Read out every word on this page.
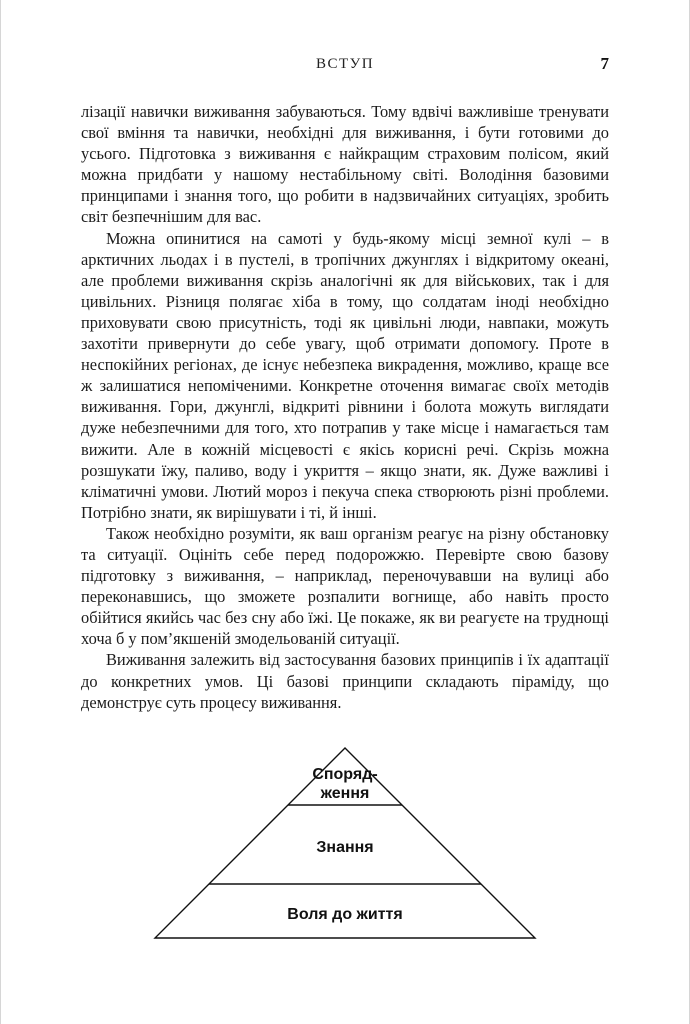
ВСТУП	7

лізації навички виживання забуваються. Тому вдвічі важливіше тренувати свої вміння та навички, необхідні для виживання, і бути готовими до усього. Підготовка з виживання є найкращим страховим полісом, який можна придбати у нашому нестабільному світі. Володіння базовими принципами і знання того, що робити в надзвичайних ситуаціях, зробить світ безпечнішим для вас.

Можна опинитися на самоті у будь-якому місці земної кулі – в арктичних льодах і в пустелі, в тропічних джунглях і відкритому океані, але проблеми виживання скрізь аналогічні як для військових, так і для цивільних. Різниця полягає хіба в тому, що солдатам іноді необхідно приховувати свою присутність, тоді як цивільні люди, навпаки, можуть захотіти привернути до себе увагу, щоб отримати допомогу. Проте в неспокійних регіонах, де існує небезпека викрадення, можливо, краще все ж залишатися непоміченими. Конкретне оточення вимагає своїх методів виживання. Гори, джунглі, відкриті рівнини і болота можуть виглядати дуже небезпечними для того, хто потрапив у таке місце і намагається там вижити. Але в кожній місцевості є якісь корисні речі. Скрізь можна розшукати їжу, паливо, воду і укриття – якщо знати, як. Дуже важливі і кліматичні умови. Лютий мороз і пекуча спека створюють різні проблеми. Потрібно знати, як вирішувати і ті, й інші.

Також необхідно розуміти, як ваш організм реагує на різну обстановку та ситуації. Оцініть себе перед подорожжю. Перевірте свою базову підготовку з виживання, – наприклад, переночувавши на вулиці або переконавшись, що зможете розпалити вогнище, або навіть просто обійтися якийсь час без сну або їжі. Це покаже, як ви реагуєте на труднощі хоча б у пом’якшеній змодельованій ситуації.

Виживання залежить від застосування базових принципів і їх адаптації до конкретних умов. Ці базові принципи складають піраміду, що демонструє суть процесу виживання.

Споряд-
ження
Знання
Воля до життя
